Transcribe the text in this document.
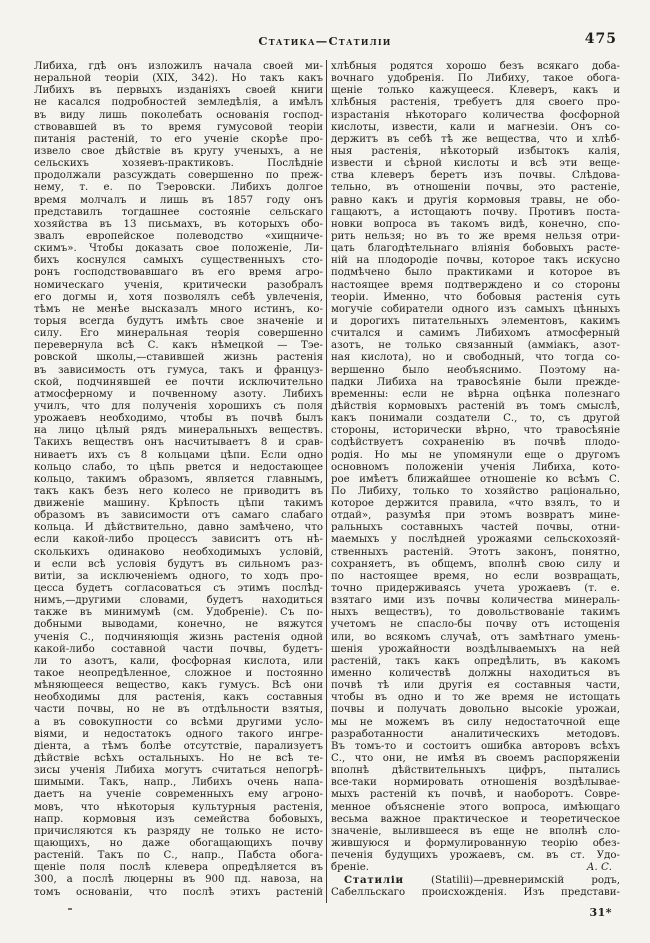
Статика—Статиліи	475
Либиха, гдѣ онъ изложилъ начала своей ми-
неральной теоріи (XIX, 342). Но такъ какъ
Либихъ въ первыхъ изданіяхъ своей книги
не касался подробностей земледѣлія, а имѣлъ
въ виду лишь поколебать основанія господ-
ствовавшей въ то время гумусовой теоріи
питанія растеній, то его ученіе скорѣе про-
извело свое дѣйствіе въ кругу ученыхъ, а не
сельскихъ хозяевъ-практиковъ. Послѣдніе
продолжали разсуждать совершенно по преж-
нему, т. е. по Тэеровски. Либихъ долгое
время молчалъ и лишь въ 1857 году онъ
представилъ тогдашнее состояніе сельскаго
хозяйства въ 13 письмахъ, въ которыхъ обо-
звалъ европейское полеводство «хищниче-
скимъ». Чтобы доказать свое положеніе, Ли-
бихъ коснулся самыхъ существенныхъ сто-
ронъ господствовавшаго въ его время агро-
номическаго ученія, критически разобралъ
его догмы и, хотя позволялъ себѣ увлеченія,
тѣмъ не менѣе высказалъ много истинъ, ко-
торыя всегда будутъ имѣть свое значеніе и
силу. Его минеральная теорія совершенно
перевернула всѣ С. какъ нѣмецкой — Тэе-
ровской школы,—ставившей жизнь растенія
въ зависимость отъ гумуса, такъ и француз-
ской, подчинявшей ее почти исключительно
атмосферному и почвенному азоту. Либихъ
училъ, что для полученія хорошихъ съ поля
урожаевъ необходимо, чтобы въ почвѣ былъ
на лицо цѣлый рядъ минеральныхъ веществъ.
Такихъ веществъ онъ насчитываетъ 8 и срав-
ниваетъ ихъ съ 8 кольцами цѣпи. Если одно
кольцо слабо, то цѣпь рвется и недостающее
кольцо, такимъ образомъ, является главнымъ,
такъ какъ безъ него колесо не приводитъ въ
движеніе машину. Крѣпость цѣпи такимъ
образомъ въ зависимости отъ самаго слабаго
кольца. И дѣйствительно, давно замѣчено, что
если какой-либо процессъ зависитъ отъ нѣ-
сколькихъ одинаково необходимыхъ условій,
и если всѣ условія будутъ въ сильномъ раз-
витіи, за исключеніемъ одного, то ходъ про-
цесса будетъ согласоваться съ этимъ послѣд-
нимъ,—другими словами, будетъ находиться
также въ минимумѣ (см. Удобреніе). Съ по-
добными выводами, конечно, не вяжутся
ученія С., подчиняющія жизнь растенія одной
какой-либо составной части почвы, будетъ-
ли то азотъ, кали, фосфорная кислота, или
такое неопредѣленное, сложное и постоянно
мѣняющееся вещество, какъ гумусъ. Всѣ они
необходимы для растенія, какъ составныя
части почвы, но не въ отдѣльности взятыя,
а въ совокупности со всѣми другими усло-
віями, и недостатокъ одного такого ингре-
діента, а тѣмъ болѣе отсутствіе, парализуетъ
дѣйствіе всѣхъ остальныхъ. Но не всѣ те-
зисы ученія Либиха могутъ считаться непогрѣ-
шимыми. Такъ, напр., Либихъ очень напа-
даетъ на ученіе современныхъ ему агроно-
мовъ, что нѣкоторыя культурныя растенія,
напр. кормовыя изъ семейства бобовыхъ,
причисляются къ разряду не только не исто-
щающихъ, но даже обогащающихъ почву
растеній. Такъ по С., напр., Пабста обога-
щеніе поля послѣ клевера опредѣляется въ
300, а послѣ люцерны въ 900 пд. навоза, на
томъ основаніи, что послѣ этихъ растеній
хлѣбныя родятся хорошо безъ всякаго доба-
вочнаго удобренія. По Либиху, такое обога-
щеніе только кажущееся. Клеверъ, какъ и
хлѣбныя растенія, требуетъ для своего про-
израстанія нѣкотораго количества фосфорной
кислоты, извести, кали и магнезіи. Онъ со-
держитъ въ себѣ тѣ же вещества, что и хлѣб-
ныя растенія, нѣкоторый избытокъ калія,
извести и сѣрной кислоты и всѣ эти веще-
ства клеверъ беретъ изъ почвы. Слѣдова-
тельно, въ отношеніи почвы, это растеніе,
равно какъ и другія кормовыя травы, не обо-
гащаютъ, а истощаютъ почву. Противъ поста-
новки вопроса въ такомъ видѣ, конечно, спо-
рить нельзя; но въ то же время нельзя отри-
цать благодѣтельнаго вліянія бобовыхъ расте-
ній на плодородіе почвы, которое такъ искусно
подмѣчено было практиками и которое въ
настоящее время подтверждено и со стороны
теоріи. Именно, что бобовыя растенія суть
могучіе собиратели одного изъ самыхъ цѣнныхъ
и дорогихъ питательныхъ элементовъ, какимъ
считался и самимъ Либихомъ атмосферный
азотъ, не только связанный (амміакъ, азот-
ная кислота), но и свободный, что тогда со-
вершенно было необъяснимо. Поэтому на-
падки Либиха на травосѣяніе были прежде-
временны: если не вѣрна оцѣнка полезнаго
дѣйствія кормовыхъ растеній въ томъ смыслѣ,
какъ понимали создатели С., то, съ другой
стороны, исторически вѣрно, что травосѣяніе
содѣйствуетъ сохраненію въ почвѣ плодо-
родія. Но мы не упомянули еще о другомъ
основномъ положеніи ученія Либиха, кото-
рое имѣетъ ближайшее отношеніе ко всѣмъ С.
По Либиху, только то хозяйство раціонально,
которое держится правила, «что взялъ, то и
отдай», разумѣя при этомъ возвратъ мине-
ральныхъ составныхъ частей почвы, отни-
маемыхъ у послѣдней урожаями сельскохозяй-
ственныхъ растеній. Этотъ законъ, понятно,
сохраняетъ, въ общемъ, вполнѣ свою силу и
по настоящее время, но если возвращать,
точно придерживаясь учета урожаевъ (т. е.
взятаго ими изъ почвы количества минераль-
ныхъ веществъ), то довольствованіе такимъ
учетомъ не спасло-бы почву отъ истощенія
или, во всякомъ случаѣ, отъ замѣтнаго умень-
шенія урожайности воздѣлываемыхъ на ней
растеній, такъ какъ опредѣлить, въ какомъ
именно количествѣ должны находиться въ
почвѣ тѣ или другія ея составныя части,
чтобы въ одно и то же время не истощать
почвы и получать довольно высокіе урожаи,
мы не можемъ въ силу недостаточной еще
разработанности аналитическихъ методовъ.
Въ томъ-то и состоитъ ошибка авторовъ всѣхъ
С., что они, не имѣя въ своемъ распоряженіи
вполнѣ дѣйствительныхъ цифръ, пытались
все-таки нормировать отношенія воздѣлывае-
мыхъ растеній къ почвѣ, и наоборотъ. Совре-
менное объясненіе этого вопроса, имѣющаго
весьма важное практическое и теоретическое
значеніе, вылившееся въ еще не вполнѣ сло-
жившуюся и формулированную теорію обез-
печенія будущихъ урожаевъ, см. въ ст. Удо-
бреніе.	А. С.
Статиліи (Statilii)—древнеримскій родъ,
Сабелльскаго происхожденія. Изъ представи-
31*
